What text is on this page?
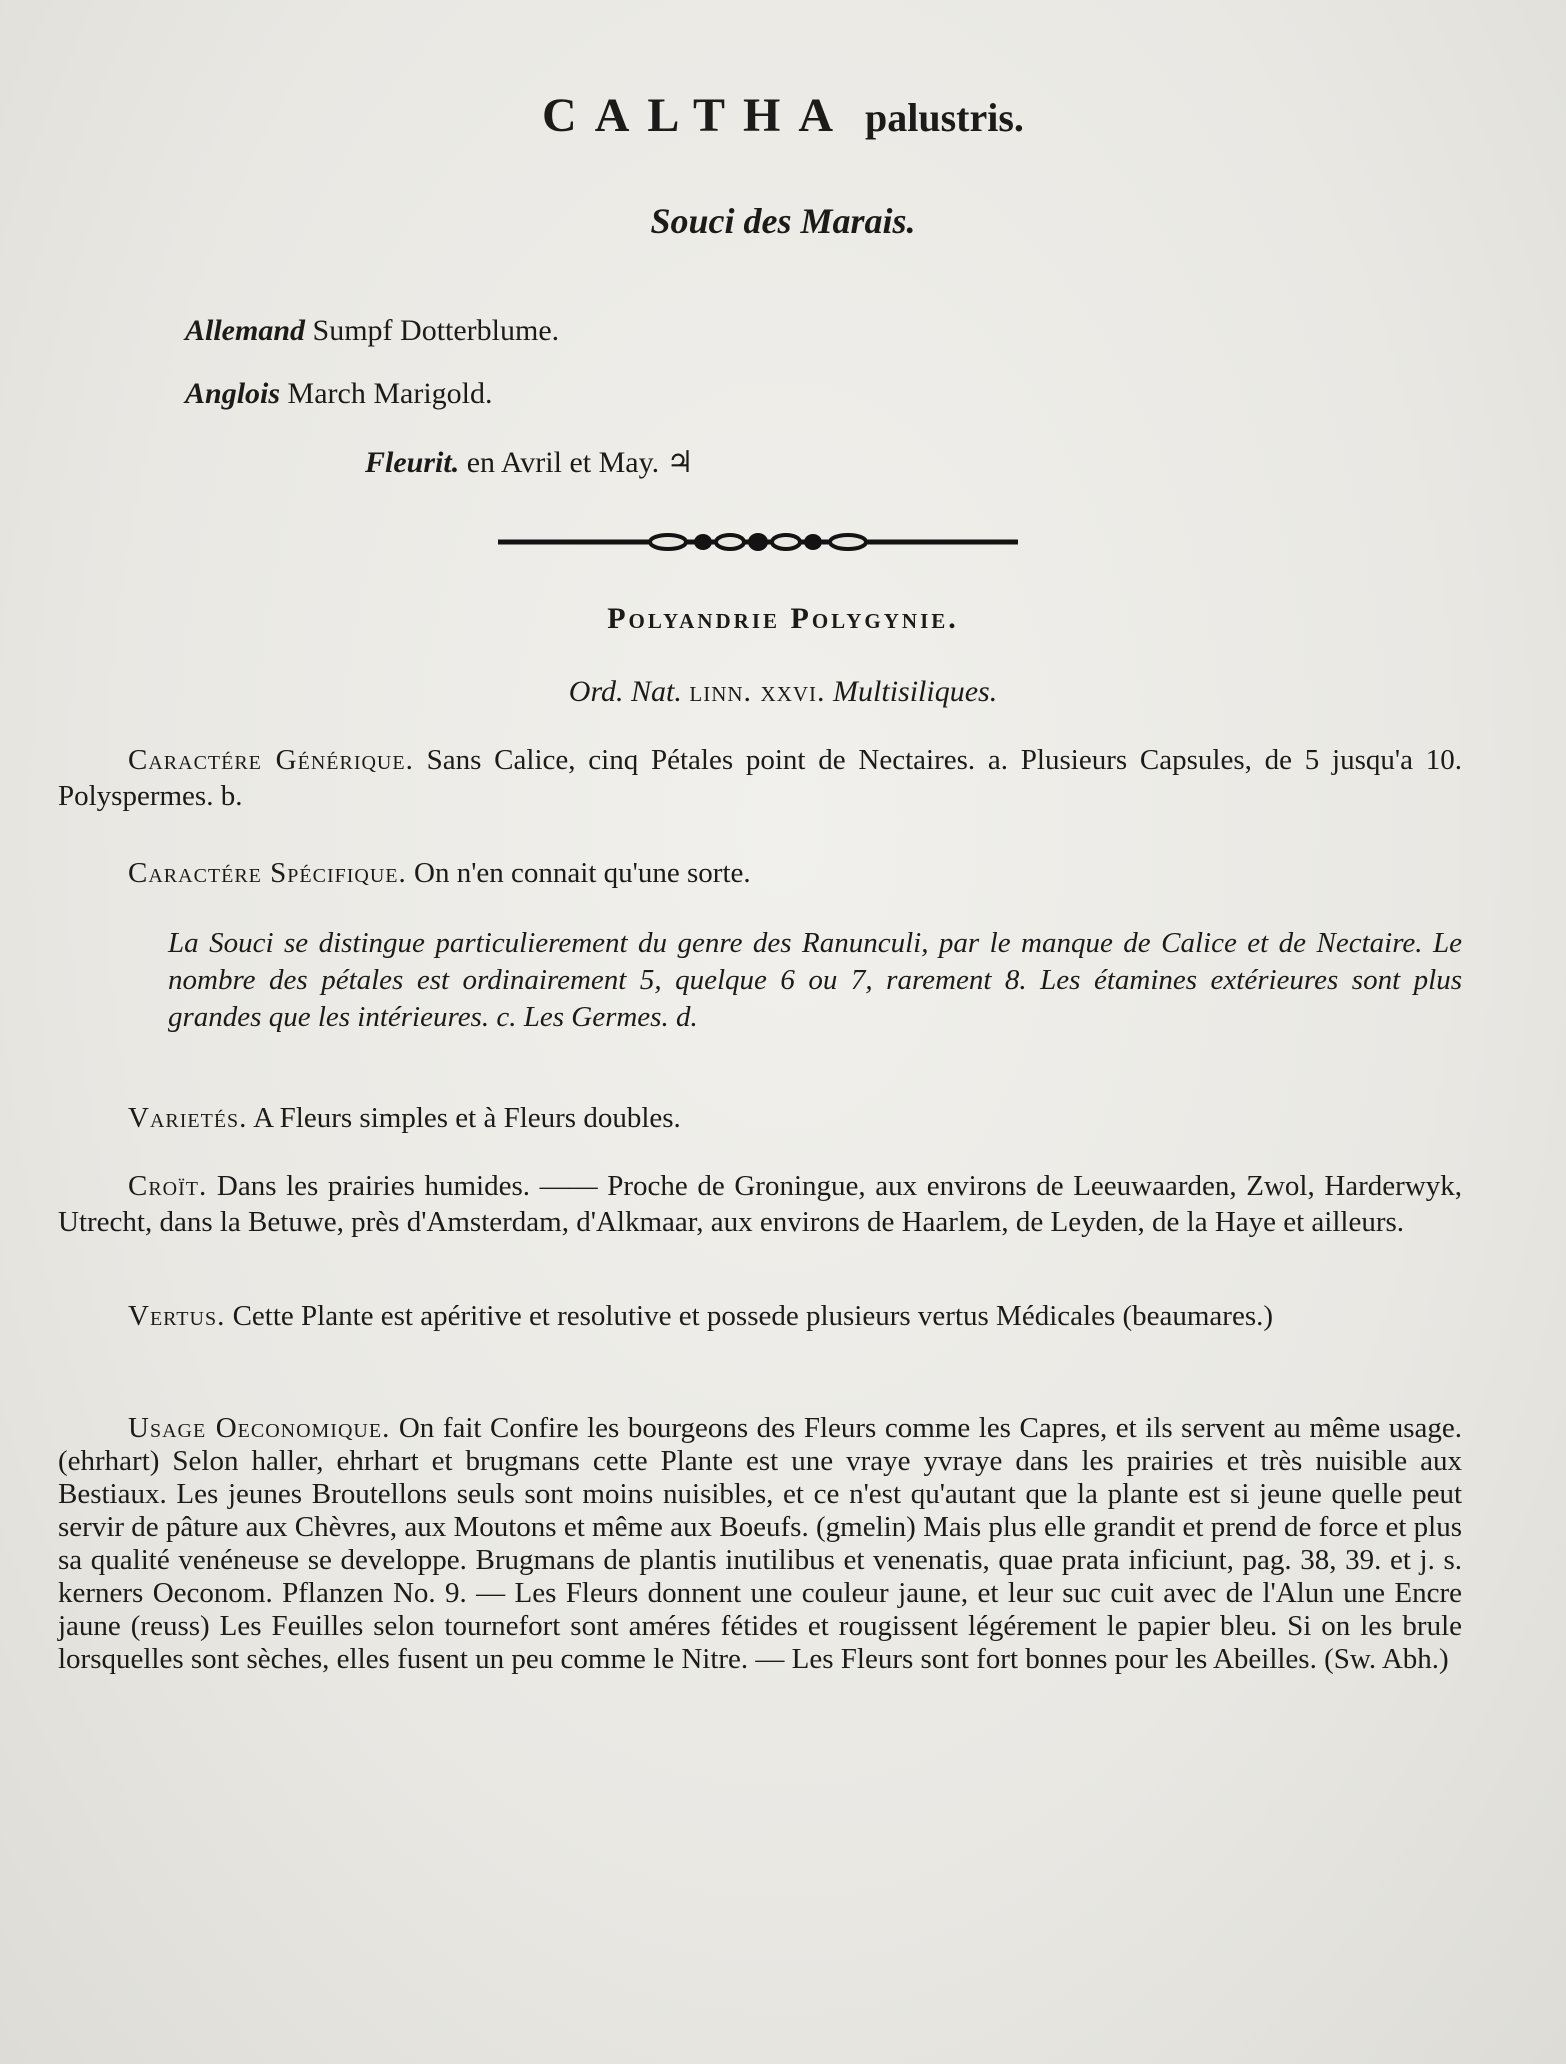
CALTHA palustris.
Souci des Marais.
Allemand Sumpf Dotterblume.
Anglois March Marigold.
Fleurit. en Avril et May. ♃
Polyandrie Polygynie.
Ord. Nat. linn. xxvi. Multisiliques.
Caractére Générique. Sans Calice, cinq Pétales point de Nectaires. a. Plusieurs Capsules, de 5 jusqu'a 10. Polyspermes. b.
Caractére Spécifique. On n'en connait qu'une sorte.
La Souci se distingue particulierement du genre des Ranunculi, par le manque de Calice et de Nectaire. Le nombre des pétales est ordinairement 5, quelque 6 ou 7, rarement 8. Les étamines extérieures sont plus grandes que les intérieures. c. Les Germes. d.
Varietés. A Fleurs simples et à Fleurs doubles.
Croït. Dans les prairies humides. —— Proche de Groningue, aux environs de Leeuwaarden, Zwol, Harderwyk, Utrecht, dans la Betuwe, près d'Amsterdam, d'Alkmaar, aux environs de Haarlem, de Leyden, de la Haye et ailleurs.
Vertus. Cette Plante est apéritive et resolutive et possede plusieurs vertus Médicales (beaumares.)
Usage Oeconomique. On fait Confire les bourgeons des Fleurs comme les Capres, et ils servent au même usage. (ehrhart) Selon haller, ehrhart et brugmans cette Plante est une vraye yvraye dans les prairies et très nuisible aux Bestiaux. Les jeunes Broutellons seuls sont moins nuisibles, et ce n'est qu'autant que la plante est si jeune quelle peut servir de pâture aux Chèvres, aux Moutons et même aux Boeufs. (gmelin) Mais plus elle grandit et prend de force et plus sa qualité venéneuse se developpe. Brugmans de plantis inutilibus et venenatis, quae prata inficiunt, pag. 38, 39. et j. s. kerners Oeconom. Pflanzen No. 9. — Les Fleurs donnent une couleur jaune, et leur suc cuit avec de l'Alun une Encre jaune (reuss) Les Feuilles selon tournefort sont améres fétides et rougissent légérement le papier bleu. Si on les brule lorsquelles sont sèches, elles fusent un peu comme le Nitre. — Les Fleurs sont fort bonnes pour les Abeilles. (Sw. Abh.)
